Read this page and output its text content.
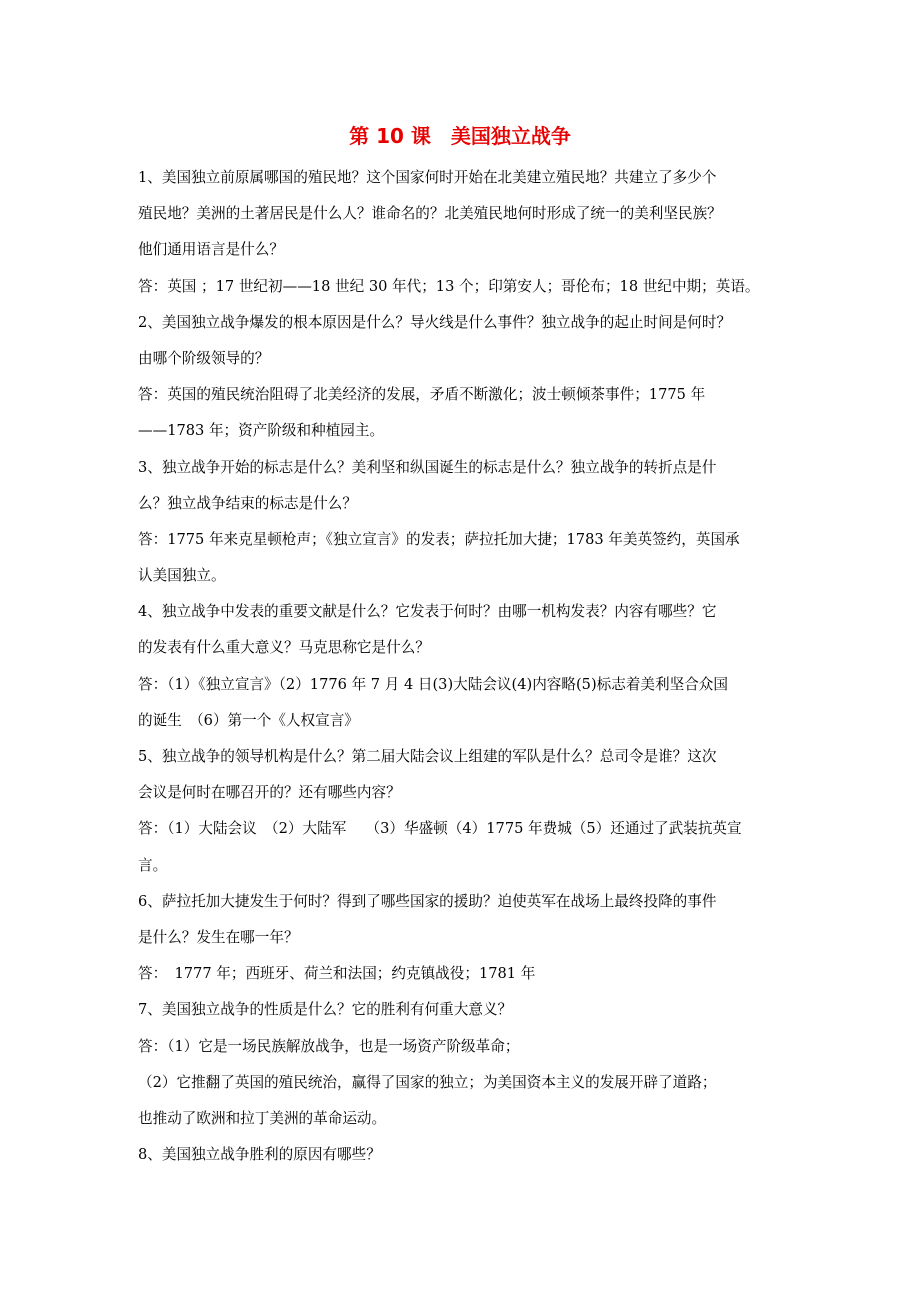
第 10 课　美国独立战争
1、美国独立前原属哪国的殖民地？这个国家何时开始在北美建立殖民地？共建立了多少个
殖民地？美洲的土著居民是什么人？谁命名的？北美殖民地何时形成了统一的美利坚民族？
他们通用语言是什么？
答：英国 ；17 世纪初——18 世纪 30 年代；13 个；印第安人；哥伦布；18 世纪中期；英语。
2、美国独立战争爆发的根本原因是什么？导火线是什么事件？独立战争的起止时间是何时？
由哪个阶级领导的？
答：英国的殖民统治阻碍了北美经济的发展，矛盾不断激化；波士顿倾茶事件；1775 年
——1783 年；资产阶级和种植园主。
3、独立战争开始的标志是什么？美利坚和纵国诞生的标志是什么？独立战争的转折点是什
么？独立战争结束的标志是什么？
答：1775 年来克星顿枪声；《独立宣言》的发表；萨拉托加大捷；1783 年美英签约，英国承
认美国独立。
4、独立战争中发表的重要文献是什么？它发表于何时？由哪一机构发表？内容有哪些？它
的发表有什么重大意义？马克思称它是什么？
答：（1）《独立宣言》（2）1776 年 7 月 4 日(3)大陆会议(4)内容略(5)标志着美利坚合众国
的诞生　（6）第一个《人权宣言》
5、独立战争的领导机构是什么？第二届大陆会议上组建的军队是什么？总司令是谁？这次
会议是何时在哪召开的？还有哪些内容？
答：（1）大陆会议　（2）大陆军　 （3）华盛顿（4）1775 年费城（5）还通过了武装抗英宣
言。
6、萨拉托加大捷发生于何时？得到了哪些国家的援助？迫使英军在战场上最终投降的事件
是什么？发生在哪一年？
答：　1777 年；西班牙、荷兰和法国；约克镇战役；1781 年
7、美国独立战争的性质是什么？它的胜利有何重大意义？
答：（1）它是一场民族解放战争，也是一场资产阶级革命；
（2）它推翻了英国的殖民统治，赢得了国家的独立；为美国资本主义的发展开辟了道路；
也推动了欧洲和拉丁美洲的革命运动。
8、美国独立战争胜利的原因有哪些？
